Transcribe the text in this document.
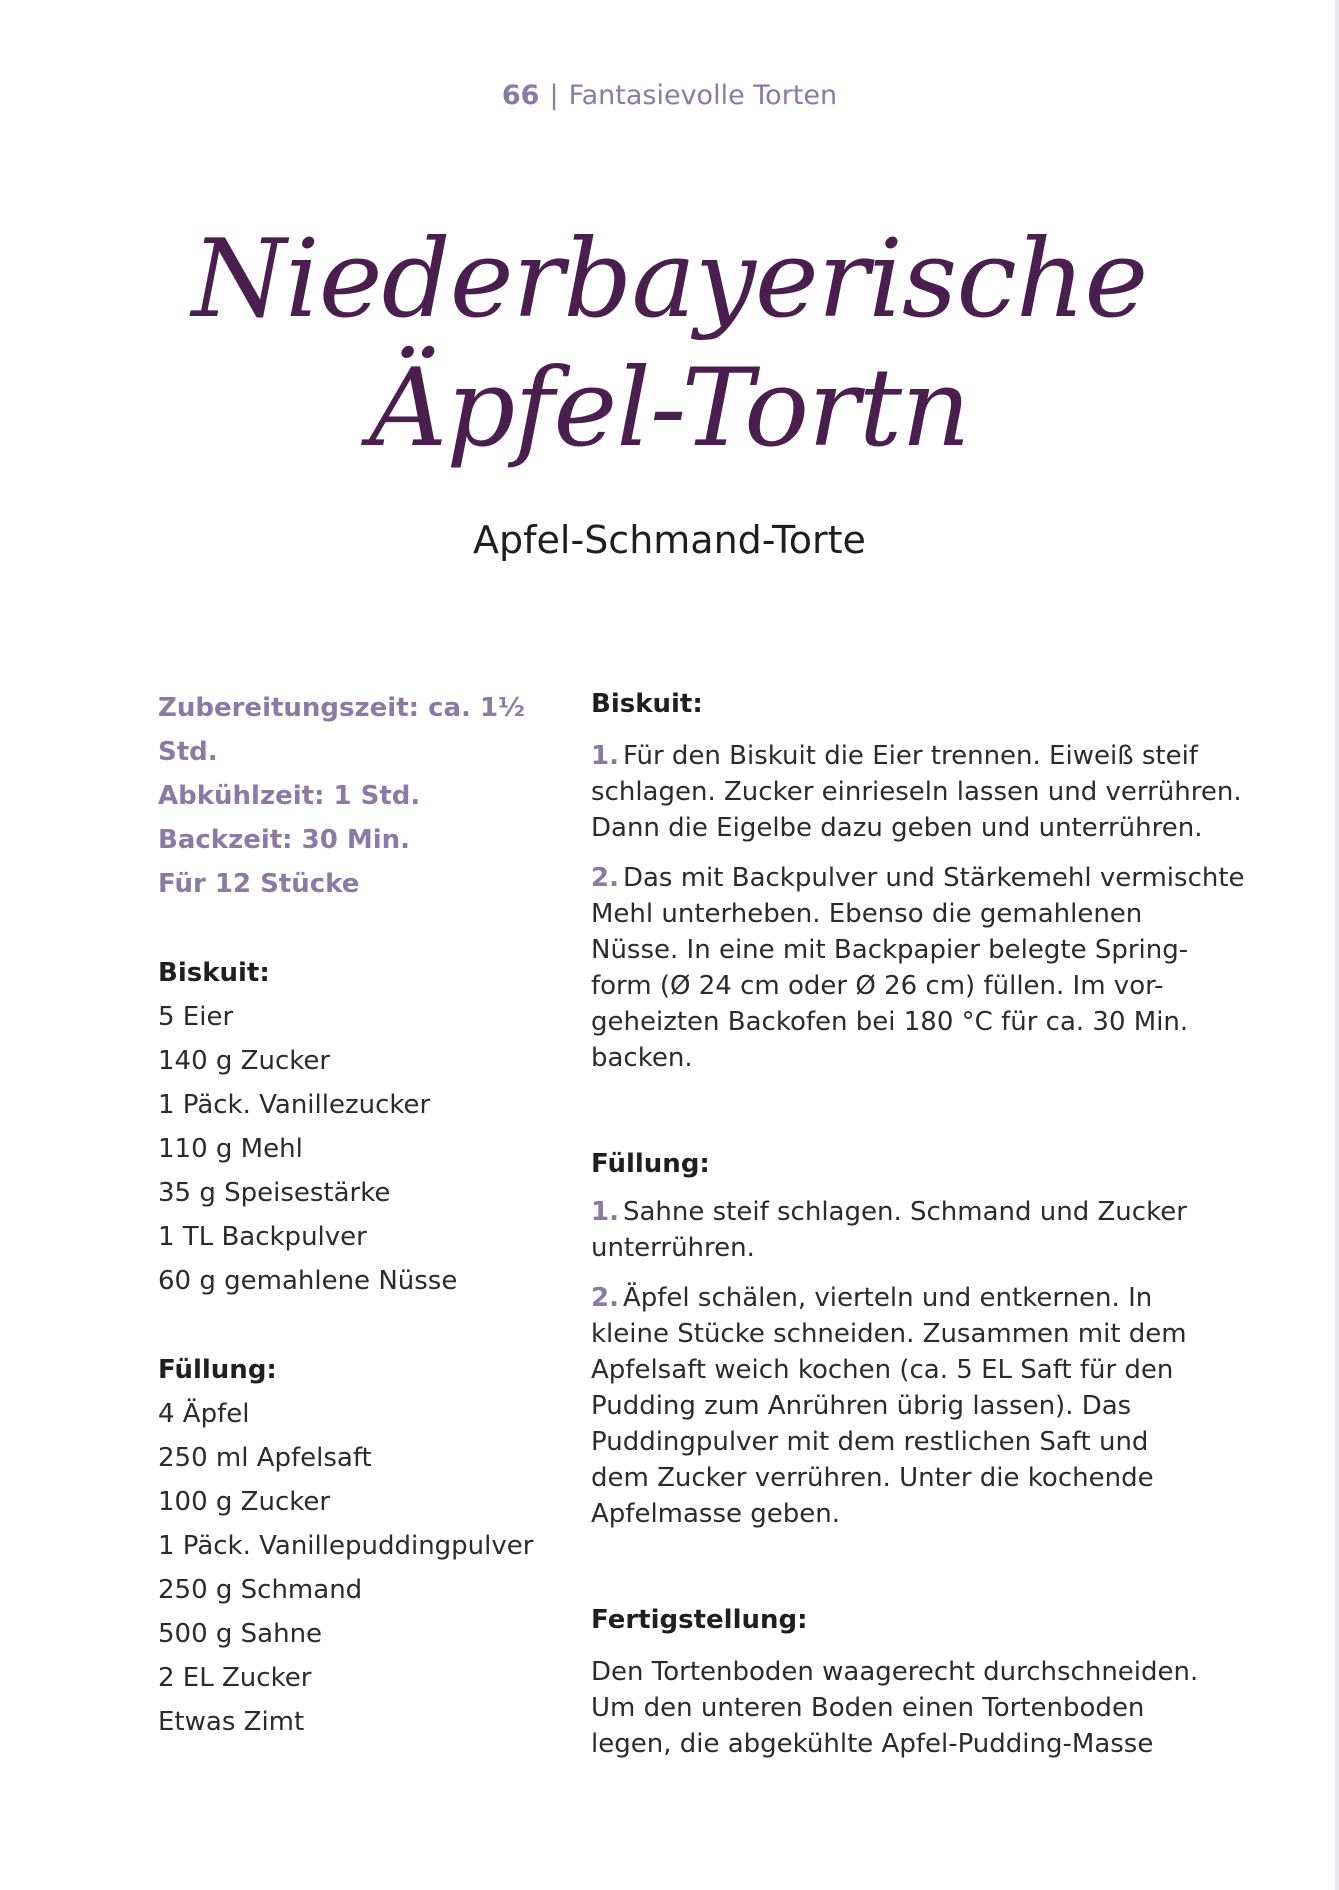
66 | Fantasievolle Torten
Niederbayerische
Äpfel-Tortn
Apfel-Schmand-Torte
Zubereitungszeit: ca. 1½ Std.
Abkühlzeit: 1 Std.
Backzeit: 30 Min.
Für 12 Stücke
Biskuit:
5 Eier
140 g Zucker
1 Päck. Vanillezucker
110 g Mehl
35 g Speisestärke
1 TL Backpulver
60 g gemahlene Nüsse
Füllung:
4 Äpfel
250 ml Apfelsaft
100 g Zucker
1 Päck. Vanillepuddingpulver
250 g Schmand
500 g Sahne
2 EL Zucker
Etwas Zimt
Biskuit:

1. Für den Biskuit die Eier trennen. Eiweiß steif
schlagen. Zucker einrieseln lassen und verrühren.
Dann die Eigelbe dazu geben und unterrühren.

2. Das mit Backpulver und Stärkemehl vermischte
Mehl unterheben. Ebenso die gemahlenen
Nüsse. In eine mit Backpapier belegte Spring-
form (Ø 24 cm oder Ø 26 cm) füllen. Im vor-
geheizten Backofen bei 180 °C für ca. 30 Min.
backen.

Füllung:

1. Sahne steif schlagen. Schmand und Zucker
unterrühren.

2. Äpfel schälen, vierteln und entkernen. In
kleine Stücke schneiden. Zusammen mit dem
Apfelsaft weich kochen (ca. 5 EL Saft für den
Pudding zum Anrühren übrig lassen). Das
Puddingpulver mit dem restlichen Saft und
dem Zucker verrühren. Unter die kochende
Apfelmasse geben.

Fertigstellung:

Den Tortenboden waagerecht durchschneiden.
Um den unteren Boden einen Tortenboden
legen, die abgekühlte Apfel-Pudding-Masse
